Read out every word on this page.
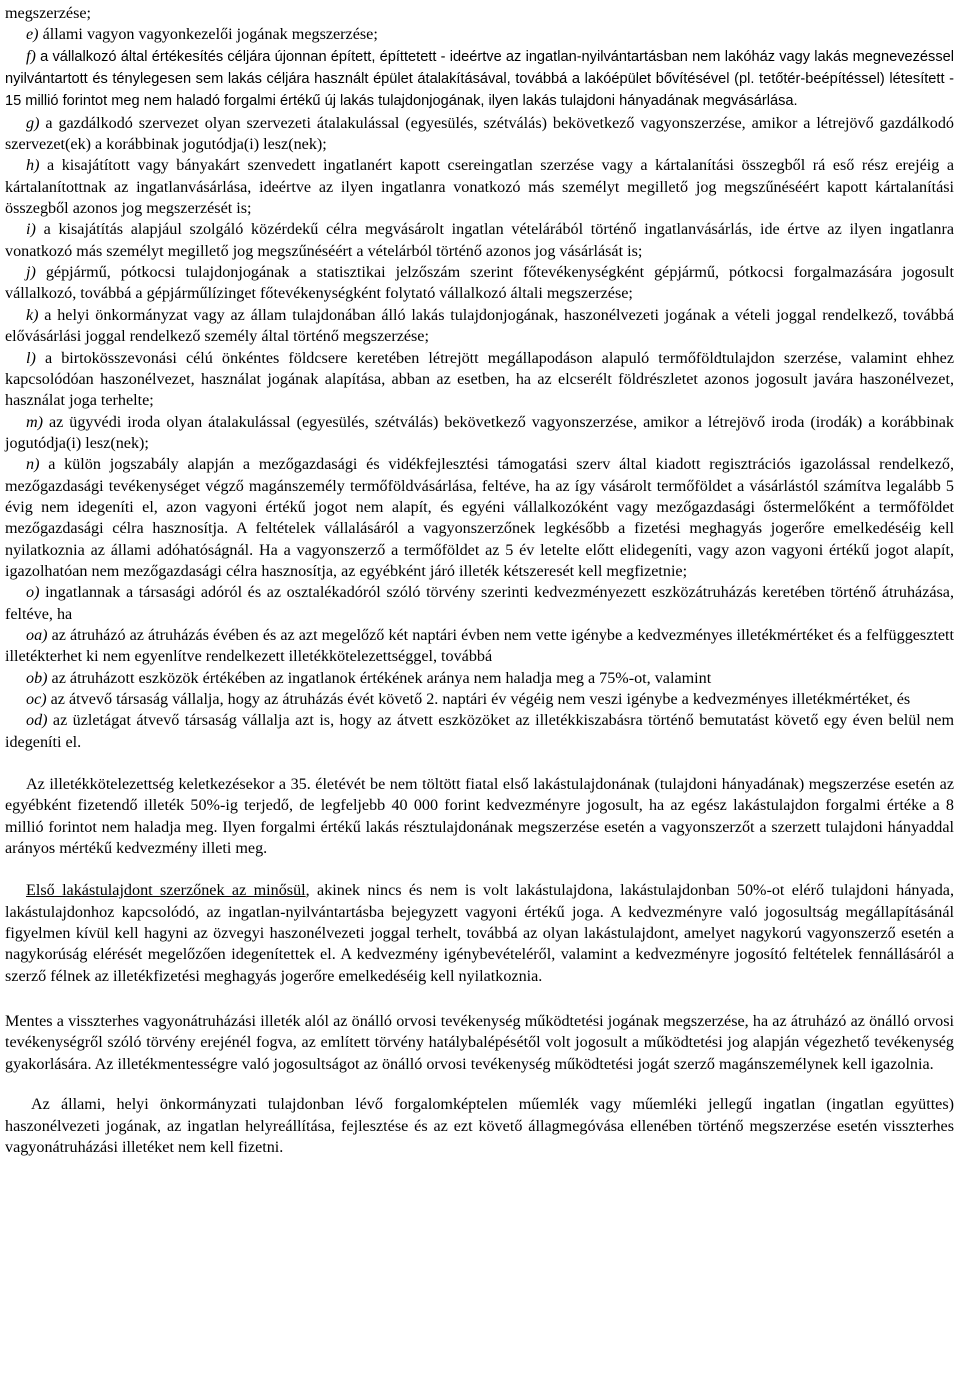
megszerzése;

e) állami vagyon vagyonkezelői jogának megszerzése;

f) a vállalkozó által értékesítés céljára újonnan épített, építtetett - ideértve az ingatlan-nyilvántartásban nem lakóház vagy lakás megnevezéssel nyilvántartott és ténylegesen sem lakás céljára használt épület átalakításával, továbbá a lakóépület bővítésével (pl. tetőtér-beépítéssel) létesített - 15 millió forintot meg nem haladó forgalmi értékű új lakás tulajdonjogának, ilyen lakás tulajdoni hányadának megvásárlása.

g) a gazdálkodó szervezet olyan szervezeti átalakulással (egyesülés, szétválás) bekövetkező vagyonszerzése, amikor a létrejövő gazdálkodó szervezet(ek) a korábbinak jogutódja(i) lesz(nek);

h) a kisajátított vagy bányakárt szenvedett ingatlanért kapott csereingatlan szerzése vagy a kártalanítási összegből rá eső rész erejéig a kártalanítottnak az ingatlanvásárlása, ideértve az ilyen ingatlanra vonatkozó más személyt megillető jog megszűnéséért kapott kártalanítási összegből azonos jog megszerzését is;

i) a kisajátítás alapjául szolgáló közérdekű célra megvásárolt ingatlan vételárából történő ingatlanvásárlás, ide értve az ilyen ingatlanra vonatkozó más személyt megillető jog megszűnéséért a vételárból történő azonos jog vásárlását is;

j) gépjármű, pótkocsi tulajdonjogának a statisztikai jelzőszám szerint főtevékenységként gépjármű, pótkocsi forgalmazására jogosult vállalkozó, továbbá a gépjárműlízinget főtevékenységként folytató vállalkozó általi megszerzése;

k) a helyi önkormányzat vagy az állam tulajdonában álló lakás tulajdonjogának, haszonélvezeti jogának a vételi joggal rendelkező, továbbá elővásárlási joggal rendelkező személy által történő megszerzése;

l) a birtokösszevonási célú önkéntes földcsere keretében létrejött megállapodáson alapuló termőföldtulajdon szerzése, valamint ehhez kapcsolódóan haszonélvezet, használat jogának alapítása, abban az esetben, ha az elcserélt földrészletet azonos jogosult javára haszonélvezet, használat joga terhelte;

m) az ügyvédi iroda olyan átalakulással (egyesülés, szétválás) bekövetkező vagyonszerzése, amikor a létrejövő iroda (irodák) a korábbinak jogutódja(i) lesz(nek);

n) a külön jogszabály alapján a mezőgazdasági és vidékfejlesztési támogatási szerv által kiadott regisztrációs igazolással rendelkező, mezőgazdasági tevékenységet végző magánszemély termőföldvásárlása, feltéve, ha az így vásárolt termőföldet a vásárlástól számítva legalább 5 évig nem idegeníti el, azon vagyoni értékű jogot nem alapít, és egyéni vállalkozóként vagy mezőgazdasági őstermelőként a termőföldet mezőgazdasági célra hasznosítja. A feltételek vállalásáról a vagyonszerzőnek legkésőbb a fizetési meghagyás jogerőre emelkedéséig kell nyilatkoznia az állami adóhatóságnál. Ha a vagyonszerző a termőföldet az 5 év letelte előtt elidegeníti, vagy azon vagyoni értékű jogot alapít, igazolhatóan nem mezőgazdasági célra hasznosítja, az egyébként járó illeték kétszeresét kell megfizetnie;

o) ingatlannak a társasági adóról és az osztalékadóról szóló törvény szerinti kedvezményezett eszközátruházás keretében történő átruházása, feltéve, ha

oa) az átruházó az átruházás évében és az azt megelőző két naptári évben nem vette igénybe a kedvezményes illetékmértéket és a felfüggesztett illetékterhet ki nem egyenlítve rendelkezett illetékkötelezettséggel, továbbá

ob) az átruházott eszközök értékében az ingatlanok értékének aránya nem haladja meg a 75%-ot, valamint

oc) az átvevő társaság vállalja, hogy az átruházás évét követő 2. naptári év végéig nem veszi igénybe a kedvezményes illetékmértéket, és

od) az üzletágat átvevő társaság vállalja azt is, hogy az átvett eszközöket az illetékkiszabásra történő bemutatást követő egy éven belül nem idegeníti el.

Az illetékkötelezettség keletkezésekor a 35. életévét be nem töltött fiatal első lakástulajdonának (tulajdoni hányadának) megszerzése esetén az egyébként fizetendő illeték 50%-ig terjedő, de legfeljebb 40 000 forint kedvezményre jogosult, ha az egész lakástulajdon forgalmi értéke a 8 millió forintot nem haladja meg. Ilyen forgalmi értékű lakás résztulajdonának megszerzése esetén a vagyonszerzőt a szerzett tulajdoni hányaddal arányos mértékű kedvezmény illeti meg.

Első lakástulajdont szerzőnek az minősül, akinek nincs és nem is volt lakástulajdona, lakástulajdonban 50%-ot elérő tulajdoni hányada, lakástulajdonhoz kapcsolódó, az ingatlan-nyilvántartásba bejegyzett vagyoni értékű joga. A kedvezményre való jogosultság megállapításánál figyelmen kívül kell hagyni az özvegyi haszonélvezeti joggal terhelt, továbbá az olyan lakástulajdont, amelyet nagykorú vagyonszerző esetén a nagykorúság elérését megelőzően idegenítettek el. A kedvezmény igénybevételéről, valamint a kedvezményre jogosító feltételek fennállásáról a szerző félnek az illetékfizetési meghagyás jogerőre emelkedéséig kell nyilatkoznia.

Mentes a visszterhes vagyonátruházási illeték alól az önálló orvosi tevékenység működtetési jogának megszerzése, ha az átruházó az önálló orvosi tevékenységről szóló törvény erejénél fogva, az említett törvény hatálybalépésétől volt jogosult a működtetési jog alapján végezhető tevékenység gyakorlására. Az illetékmentességre való jogosultságot az önálló orvosi tevékenység működtetési jogát szerző magánszemélynek kell igazolnia.

Az állami, helyi önkormányzati tulajdonban lévő forgalomképtelen műemlék vagy műemléki jellegű ingatlan (ingatlan együttes) haszonélvezeti jogának, az ingatlan helyreállítása, fejlesztése és az ezt követő állagmegóvása ellenében történő megszerzése esetén visszterhes vagyonátruházási illetéket nem kell fizetni.
